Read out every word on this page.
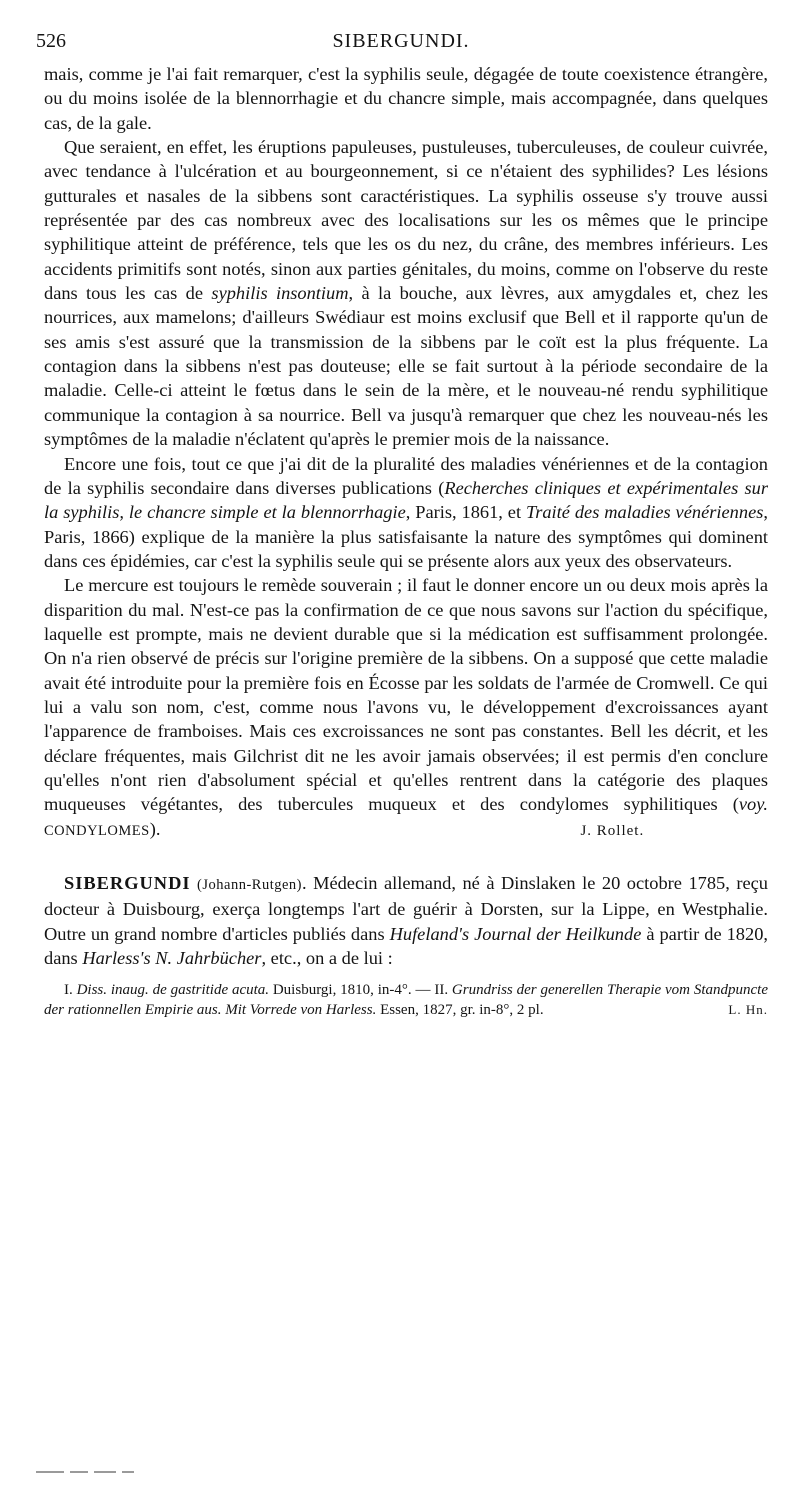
526	SIBERGUNDI.

mais, comme je l'ai fait remarquer, c'est la syphilis seule, dégagée de toute coexistence étrangère, ou du moins isolée de la blennorrhagie et du chancre simple, mais accompagnée, dans quelques cas, de la gale.

Que seraient, en effet, les éruptions papuleuses, pustuleuses, tuberculeuses, de couleur cuivrée, avec tendance à l'ulcération et au bourgeonnement, si ce n'étaient des syphilides? Les lésions gutturales et nasales de la sibbens sont caractéristiques. La syphilis osseuse s'y trouve aussi représentée par des cas nombreux avec des localisations sur les os mêmes que le principe syphilitique atteint de préférence, tels que les os du nez, du crâne, des membres inférieurs. Les accidents primitifs sont notés, sinon aux parties génitales, du moins, comme on l'observe du reste dans tous les cas de syphilis insontium, à la bouche, aux lèvres, aux amygdales et, chez les nourrices, aux mamelons; d'ailleurs Swédiaur est moins exclusif que Bell et il rapporte qu'un de ses amis s'est assuré que la transmission de la sibbens par le coït est la plus fréquente. La contagion dans la sibbens n'est pas douteuse; elle se fait surtout à la période secondaire de la maladie. Celle-ci atteint le fœtus dans le sein de la mère, et le nouveau-né rendu syphilitique communique la contagion à sa nourrice. Bell va jusqu'à remarquer que chez les nouveau-nés les symptômes de la maladie n'éclatent qu'après le premier mois de la naissance.

Encore une fois, tout ce que j'ai dit de la pluralité des maladies vénériennes et de la contagion de la syphilis secondaire dans diverses publications (Recherches cliniques et expérimentales sur la syphilis, le chancre simple et la blennorrhagie, Paris, 1861, et Traité des maladies vénériennes, Paris, 1866) explique de la manière la plus satisfaisante la nature des symptômes qui dominent dans ces épidémies, car c'est la syphilis seule qui se présente alors aux yeux des observateurs.

Le mercure est toujours le remède souverain ; il faut le donner encore un ou deux mois après la disparition du mal. N'est-ce pas la confirmation de ce que nous savons sur l'action du spécifique, laquelle est prompte, mais ne devient durable que si la médication est suffisamment prolongée. On n'a rien observé de précis sur l'origine première de la sibbens. On a supposé que cette maladie avait été introduite pour la première fois en Écosse par les soldats de l'armée de Cromwell. Ce qui lui a valu son nom, c'est, comme nous l'avons vu, le développement d'excroissances ayant l'apparence de framboises. Mais ces excroissances ne sont pas constantes. Bell les décrit, et les déclare fréquentes, mais Gilchrist dit ne les avoir jamais observées; il est permis d'en conclure qu'elles n'ont rien d'absolument spécial et qu'elles rentrent dans la catégorie des plaques muqueuses végétantes, des tubercules muqueux et des condylomes syphilitiques (voy. CONDYLOMES).	J. Rollet.

SIBERGUNDI (Johann-Rutgen). Médecin allemand, né à Dinslaken le 20 octobre 1785, reçu docteur à Duisbourg, exerça longtemps l'art de guérir à Dorsten, sur la Lippe, en Westphalie. Outre un grand nombre d'articles publiés dans Hufeland's Journal der Heilkunde à partir de 1820, dans Harless's N. Jahrbücher, etc., on a de lui :

I. Diss. inaug. de gastritide acuta. Duisburgi, 1810, in-4°. — II. Grundriss der generellen Therapie vom Standpuncte der rationnellen Empirie aus. Mit Vorrede von Harless. Essen, 1827, gr. in-8°, 2 pl.	L. Hn.
